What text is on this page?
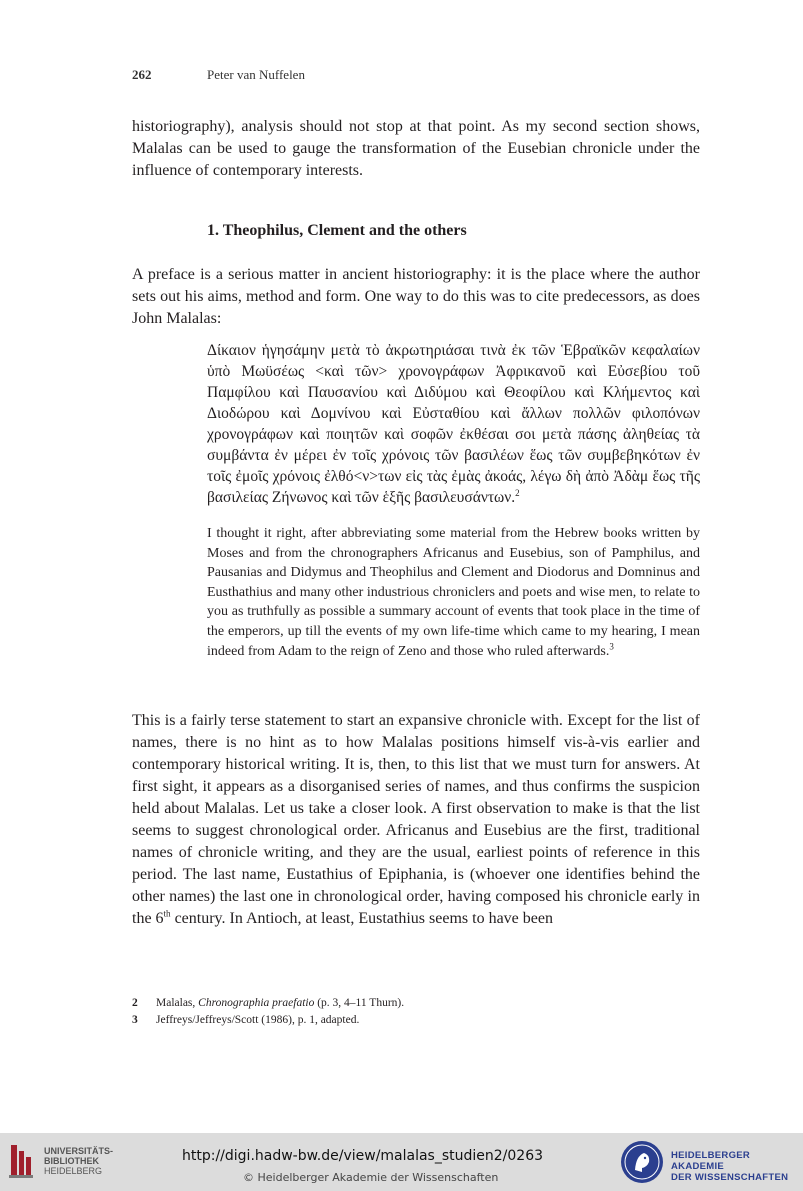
262	Peter van Nuffelen

historiography), analysis should not stop at that point. As my second section shows, Malalas can be used to gauge the transformation of the Eusebian chronicle under the influence of contemporary interests.

1. Theophilus, Clement and the others

A preface is a serious matter in ancient historiography: it is the place where the author sets out his aims, method and form. One way to do this was to cite predecessors, as does John Malalas:

Δίκαιον ἡγησάμην μετὰ τὸ ἀκρωτηριάσαι τινὰ ἐκ τῶν Ἑβραϊκῶν κεφαλαίων ὑπὸ Μωϋσέως <καὶ τῶν> χρονογράφων Ἀφρικανοῦ καὶ Εὐσεβίου τοῦ Παμφίλου καὶ Παυσανίου καὶ Διδύμου καὶ Θεοφίλου καὶ Κλήμεντος καὶ Διοδώρου καὶ Δομνίνου καὶ Εὐσταθίου καὶ ἄλλων πολλῶν φιλοπόνων χρονογράφων καὶ ποιητῶν καὶ σοφῶν ἐκθέσαι σοι μετὰ πάσης ἀληθείας τὰ συμβάντα ἐν μέρει ἐν τοῖς χρόνοις τῶν βασιλέων ἕως τῶν συμβεβηκότων ἐν τοῖς ἐμοῖς χρόνοις ἐλθό<ν>των εἰς τὰς ἐμὰς ἀκοάς, λέγω δὴ ἀπὸ Ἀδὰμ ἕως τῆς βασιλείας Ζήνωνος καὶ τῶν ἑξῆς βασιλευσάντων.$^2$
I thought it right, after abbreviating some material from the Hebrew books written by Moses and from the chronographers Africanus and Eusebius, son of Pamphilus, and Pausanias and Didymus and Theophilus and Clement and Diodorus and Domninus and Eusthathius and many other industrious chroniclers and poets and wise men, to relate to you as truthfully as possible a summary account of events that took place in the time of the emperors, up till the events of my own life-time which came to my hearing, I mean indeed from Adam to the reign of Zeno and those who ruled afterwards.$^3$

This is a fairly terse statement to start an expansive chronicle with. Except for the list of names, there is no hint as to how Malalas positions himself vis-à-vis earlier and contemporary historical writing. It is, then, to this list that we must turn for answers. At first sight, it appears as a disorganised series of names, and thus confirms the suspicion held about Malalas. Let us take a closer look. A first observation to make is that the list seems to suggest chronological order. Africanus and Eusebius are the first, traditional names of chronicle writing, and they are the usual, earliest points of reference in this period. The last name, Eustathius of Epiphania, is (whoever one identifies behind the other names) the last one in chronological order, having composed his chronicle early in the 6th century. In Antioch, at least, Eustathius seems to have been

2 Malalas, Chronographia praefatio (p. 3, 4–11 Thurn).
3 Jeffreys/Jeffreys/Scott (1986), p. 1, adapted.
UNIVERSITÄTS-
BIBLIOTHEK
HEIDELBERG
http://digi.hadw-bw.de/view/malalas_studien2/0263
© Heidelberger Akademie der Wissenschaften
HEIDELBERGER AKADEMIE
DER WISSENSCHAFTEN
